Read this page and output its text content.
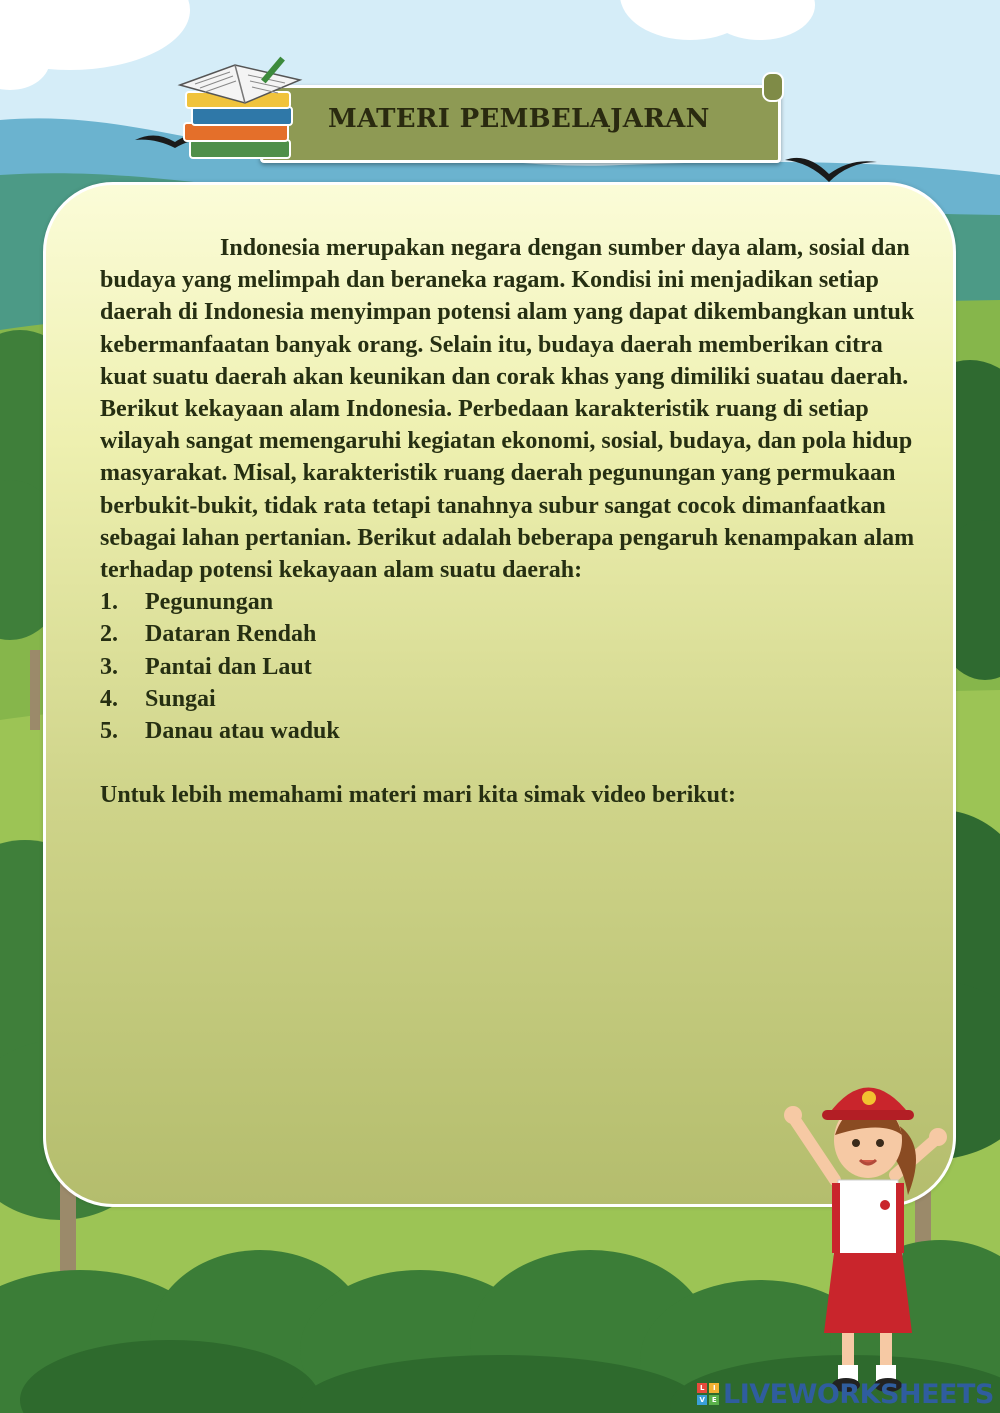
MATERI PEMBELAJARAN

Indonesia merupakan negara dengan sumber daya alam, sosial dan budaya yang melimpah dan beraneka ragam. Kondisi ini menjadikan setiap daerah di Indonesia menyimpan potensi alam yang dapat dikembangkan untuk kebermanfaatan banyak orang. Selain itu, budaya daerah memberikan citra kuat suatu daerah akan keunikan dan corak khas yang dimiliki suatau daerah. Berikut kekayaan alam Indonesia. Perbedaan karakteristik ruang di setiap wilayah sangat memengaruhi kegiatan ekonomi, sosial, budaya, dan pola hidup masyarakat. Misal, karakteristik ruang daerah pegunungan yang permukaan berbukit-bukit, tidak rata tetapi tanahnya subur sangat cocok dimanfaatkan sebagai lahan pertanian. Berikut adalah beberapa pengaruh kenampakan alam terhadap potensi kekayaan alam suatu daerah:

1.	Pegunungan
2.	Dataran Rendah
3.	Pantai dan Laut
4.	Sungai
5.	Danau atau waduk

Untuk lebih memahami materi mari kita simak video berikut:

L	I
V	E LIVEWORKSHEETS
